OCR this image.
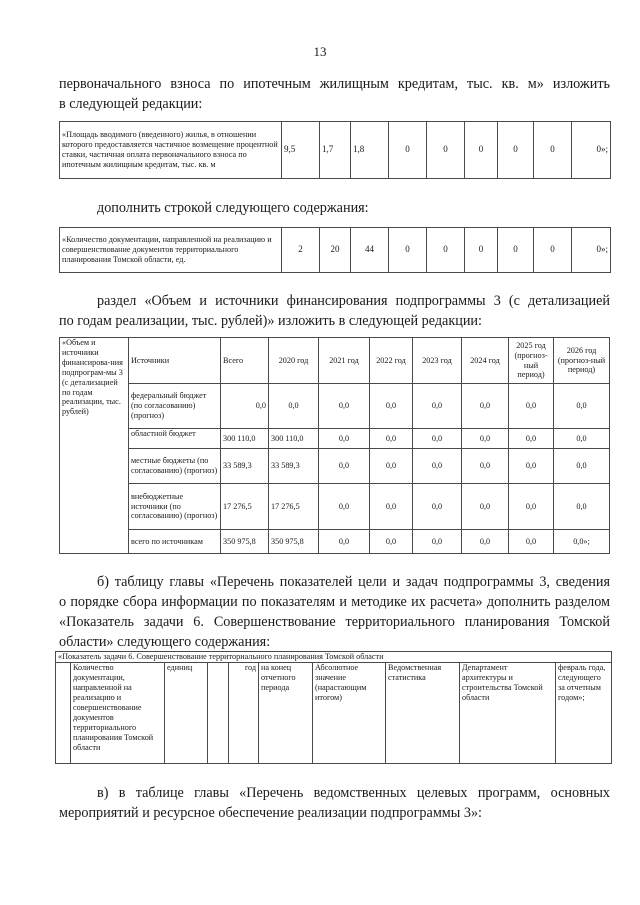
13
первоначального взноса по ипотечным жилищным кредитам, тыс. кв. м» изложить
в следующей редакции:
«Площадь вводимого (введенного) жилья, в отношении которого предоставляется частичное возмещение процентной ставки, частичная оплата первоначального взноса по ипотечным жилищным кредитам, тыс. кв. м	9,5	1,7	1,8	0	0	0	0	0	0»;
дополнить строкой следующего содержания:
«Количество документации, направленной на реализацию и совершенствование документов территориального планирования Томской области, ед.	2	20	44	0	0	0	0	0	0»;
раздел «Объем и источники финансирования подпрограммы 3 (с детализацией
по годам реализации, тыс. рублей)» изложить в следующей редакции:
«Объем и источники финансирова-ния подпрограм-мы 3 (с детализацией по годам реализации, тыс. рублей)	Источники	Всего	2020 год	2021 год	2022 год	2023 год	2024 год	2025 год (прогноз-ный период)	2026 год (прогноз-ный период)
	федеральный бюджет (по согласованию) (прогноз)	0,0	0,0	0,0	0,0	0,0	0,0	0,0	0,0
	областной бюджет	300 110,0	300 110,0	0,0	0,0	0,0	0,0	0,0	0,0
	местные бюджеты (по согласованию) (прогноз)	33 589,3	33 589,3	0,0	0,0	0,0	0,0	0,0	0,0
	внебюджетные источники (по согласованию) (прогноз)	17 276,5	17 276,5	0,0	0,0	0,0	0,0	0,0	0,0
	всего по источникам	350 975,8	350 975,8	0,0	0,0	0,0	0,0	0,0	0,0»;
б) таблицу главы «Перечень показателей цели и задач подпрограммы 3, сведения
о порядке сбора информации по показателям и методике их расчета» дополнить разделом
«Показатель задачи 6. Совершенствование территориального планирования Томской
области» следующего содержания:
«Показатель задачи 6. Совершенствование территориального планирования Томской области
	Количество документации, направленной на реализацию и совершенствование документов территориального планирования Томской области	единиц		год	на конец отчетного периода	Абсолютное значение (нарастающим итогом)	Ведомственная статистика	Департамент архитектуры и строительства Томской области	февраль года, следующего за отчетным годом»;
в) в таблице главы «Перечень ведомственных целевых программ, основных
мероприятий и ресурсное обеспечение реализации подпрограммы 3»:
